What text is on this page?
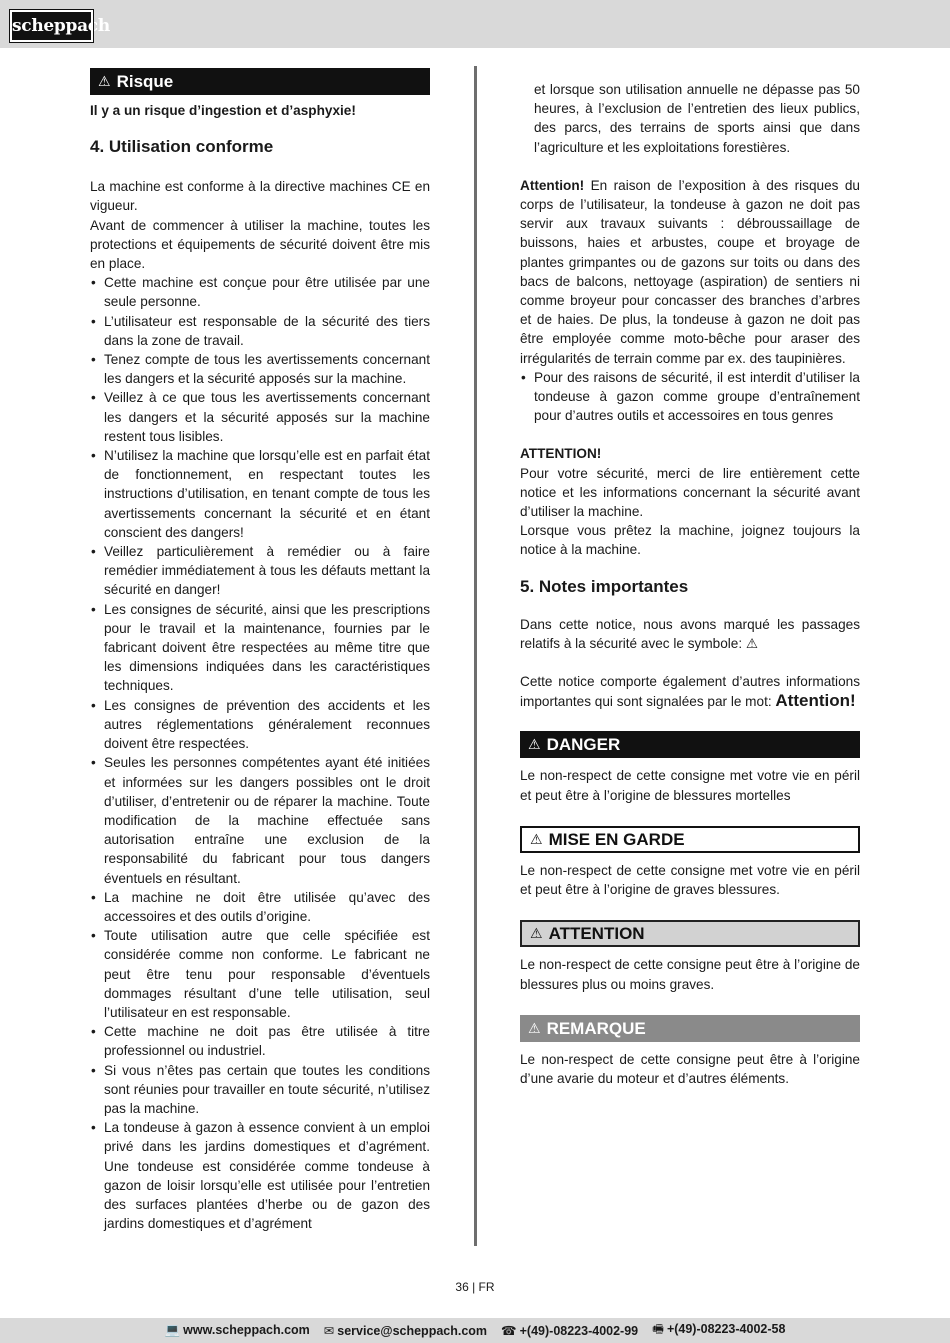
scheppach
⚠ Risque

Il y a un risque d’ingestion et d’asphyxie!

4. Utilisation conforme

La machine est conforme à la directive machines CE en vigueur.

Avant de commencer à utiliser la machine, toutes les protections et équipements de sécurité doivent être mis en place.

• Cette machine est conçue pour être utilisée par une seule personne.
• L’utilisateur est responsable de la sécurité des tiers dans la zone de travail.
• Tenez compte de tous les avertissements concernant les dangers et la sécurité apposés sur la machine.
• Veillez à ce que tous les avertissements concernant les dangers et la sécurité apposés sur la machine restent tous lisibles.
• N’utilisez la machine que lorsqu’elle est en parfait état de fonctionnement, en respectant toutes les instructions d’utilisation, en tenant compte de tous les avertissements concernant la sécurité et en étant conscient des dangers!
• Veillez particulièrement à remédier ou à faire remédier immédiatement à tous les défauts mettant la sécurité en danger!
• Les consignes de sécurité, ainsi que les prescriptions pour le travail et la maintenance, fournies par le fabricant doivent être respectées au même titre que les dimensions indiquées dans les caractéristiques techniques.
• Les consignes de prévention des accidents et les autres réglementations généralement reconnues doivent être respectées.
• Seules les personnes compétentes ayant été initiées et informées sur les dangers possibles ont le droit d’utiliser, d’entretenir ou de réparer la machine. Toute modification de la machine effectuée sans autorisation entraîne une exclusion de la responsabilité du fabricant pour tous dangers éventuels en résultant.
• La machine ne doit être utilisée qu’avec des accessoires et des outils d’origine.
• Toute utilisation autre que celle spécifiée est considérée comme non conforme. Le fabricant ne peut être tenu pour responsable d’éventuels dommages résultant d’une telle utilisation, seul l’utilisateur en est responsable.
• Cette machine ne doit pas être utilisée à titre professionnel ou industriel.
• Si vous n’êtes pas certain que toutes les conditions sont réunies pour travailler en toute sécurité, n’utilisez pas la machine.
• La tondeuse à gazon à essence convient à un emploi privé dans les jardins domestiques et d’agrément. Une tondeuse est considérée comme tondeuse à gazon de loisir lorsqu’elle est utilisée pour l’entretien des surfaces plantées d’herbe ou de gazon des jardins domestiques et d’agrément

et lorsque son utilisation annuelle ne dépasse pas 50 heures, à l’exclusion de l’entretien des lieux publics, des parcs, des terrains de sports ainsi que dans l’agriculture et les exploitations forestières.

Attention! En raison de l’exposition à des risques du corps de l’utilisateur, la tondeuse à gazon ne doit pas servir aux travaux suivants : débroussaillage de buissons, haies et arbustes, coupe et broyage de plantes grimpantes ou de gazons sur toits ou dans des bacs de balcons, nettoyage (aspiration) de sentiers ni comme broyeur pour concasser des branches d’arbres et de haies. De plus, la tondeuse à gazon ne doit pas être employée comme moto-bêche pour araser des irrégularités de terrain comme par ex. des taupinières.

• Pour des raisons de sécurité, il est interdit d’utiliser la tondeuse à gazon comme groupe d’entraînement pour d’autres outils et accessoires en tous genres

ATTENTION!

Pour votre sécurité, merci de lire entièrement cette notice et les informations concernant la sécurité avant d’utiliser la machine.

Lorsque vous prêtez la machine, joignez toujours la notice à la machine.

5. Notes importantes

Dans cette notice, nous avons marqué les passages relatifs à la sécurité avec le symbole: ⚠

Cette notice comporte également d’autres informations importantes qui sont signalées par le mot: Attention!

⚠ DANGER

Le non-respect de cette consigne met votre vie en péril et peut être à l’origine de blessures mortelles

⚠ MISE EN GARDE

Le non-respect de cette consigne met votre vie en péril et peut être à l’origine de graves blessures.

⚠ ATTENTION

Le non-respect de cette consigne peut être à l’origine de blessures plus ou moins graves.

⚠ REMARQUE

Le non-respect de cette consigne peut être à l’origine d’une avarie du moteur et d’autres éléments.

36 | FR
💻 www.scheppach.com ✉ service@scheppach.com ☎ +(49)-08223-4002-99 🖷 +(49)-08223-4002-58
